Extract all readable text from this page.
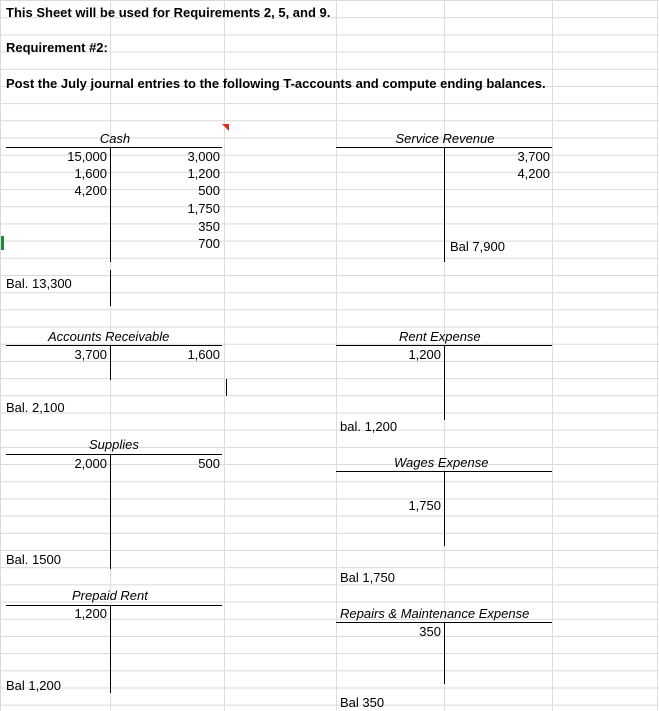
This Sheet will be used for Requirements 2, 5, and 9.
Requirement #2:
Post the July journal entries to the following T-accounts and compute ending balances.
Cash
15,000
1,600
4,200
3,000
1,200
500
1,750
350
700
Bal. 13,300
Service Revenue
3,700
4,200
Bal 7,900
Accounts Receivable
3,700	1,600
Bal. 2,100
Rent Expense
1,200
bal. 1,200
Supplies
2,000	500
Bal. 1500
Wages Expense
1,750
Bal 1,750
Prepaid Rent
1,200
Bal 1,200
Repairs & Maintenance Expense
350
Bal 350
